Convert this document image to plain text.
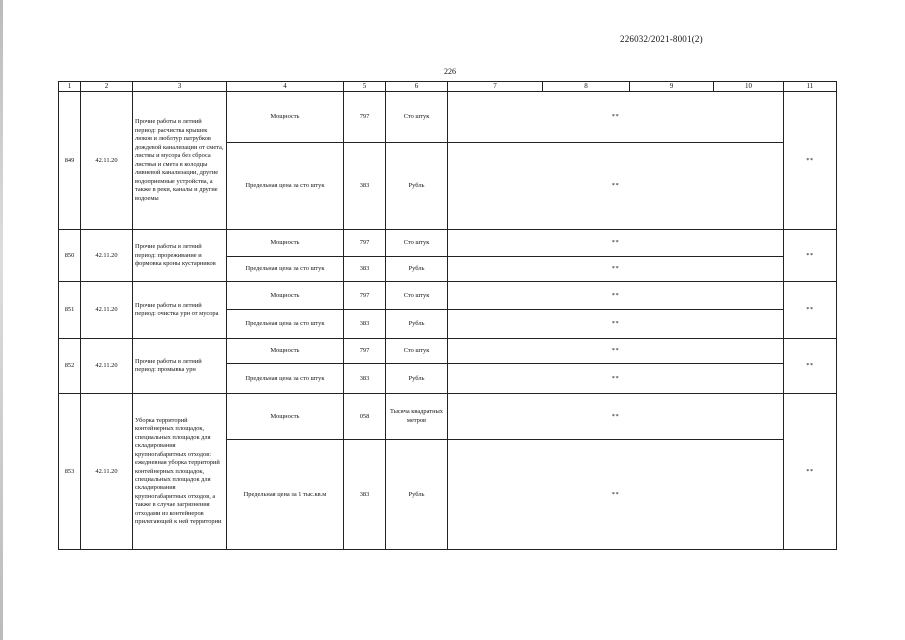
226032/2021-8001(2)
226
1	2	3	4	5	6	7	8	9	10	11
849	42.11.20	Прочие работы в летний период: расчистка крышек люков и люблтур патрубков дождевой канализации от смета, листвы и мусора без сброса листвья и смета в колодцы ливневой канализации, другие водоприемные устройства, а также в реки, каналы и другие водоемы	Мощность	797	Сто штук	**				**
			Предельная цена за сто штук	383	Рубль	**				
850	42.11.20	Прочие работы в летний период: прореживание и формовка кроны кустарников	Мощность	797	Сто штук	**				**
			Предельная цена за сто штук	383	Рубль	**				
851	42.11.20	Прочие работы в летний период: очистка урн от мусора	Мощность	797	Сто штук	**				**
			Предельная цена за сто штук	383	Рубль	**				
852	42.11.20	Прочие работы в летний период: промывка урн	Мощность	797	Сто штук	**				**
			Предельная цена за сто штук	383	Рубль	**				
853	42.11.20	Уборка территорий контейнерных площадок, специальных площадок для складирования крупногабаритных отходов: ежедневная уборка территорий контейнерных площадок, специальных площадок для складирования крупногабаритных отходов, а также в случае загрязнения отходами из контейнеров прилегающей к ней территории	Мощность	058	Тысяча квадратных метров	**				**
			Предельная цена за 1 тыс.кв.м	383	Рубль	**				
